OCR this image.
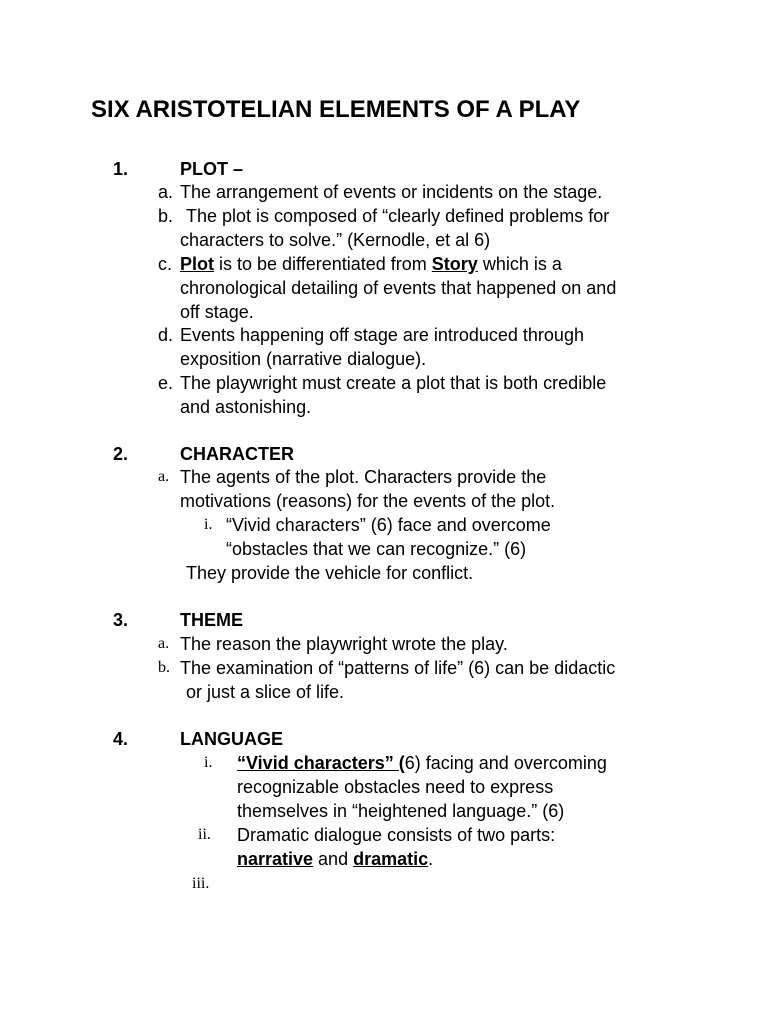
SIX ARISTOTELIAN ELEMENTS OF A PLAY
1.	PLOT –
a. The arrangement of events or incidents on the stage.
b. The plot is composed of “clearly defined problems for
characters to solve.” (Kernodle, et al 6)
c. Plot is to be differentiated from Story which is a
chronological detailing of events that happened on and
off stage.
d. Events happening off stage are introduced through
exposition (narrative dialogue).
e. The playwright must create a plot that is both credible
and astonishing.
2.	CHARACTER
a. The agents of the plot. Characters provide the
motivations (reasons) for the events of the plot.
i. “Vivid characters” (6) face and overcome
“obstacles that we can recognize.” (6)
They provide the vehicle for conflict.
3.	THEME
a. The reason the playwright wrote the play.
b. The examination of “patterns of life” (6) can be didactic
or just a slice of life.
4.	LANGUAGE
i. “Vivid characters” (6) facing and overcoming
recognizable obstacles need to express
themselves in “heightened language.” (6)
ii. Dramatic dialogue consists of two parts:
narrative and dramatic.
iii.
